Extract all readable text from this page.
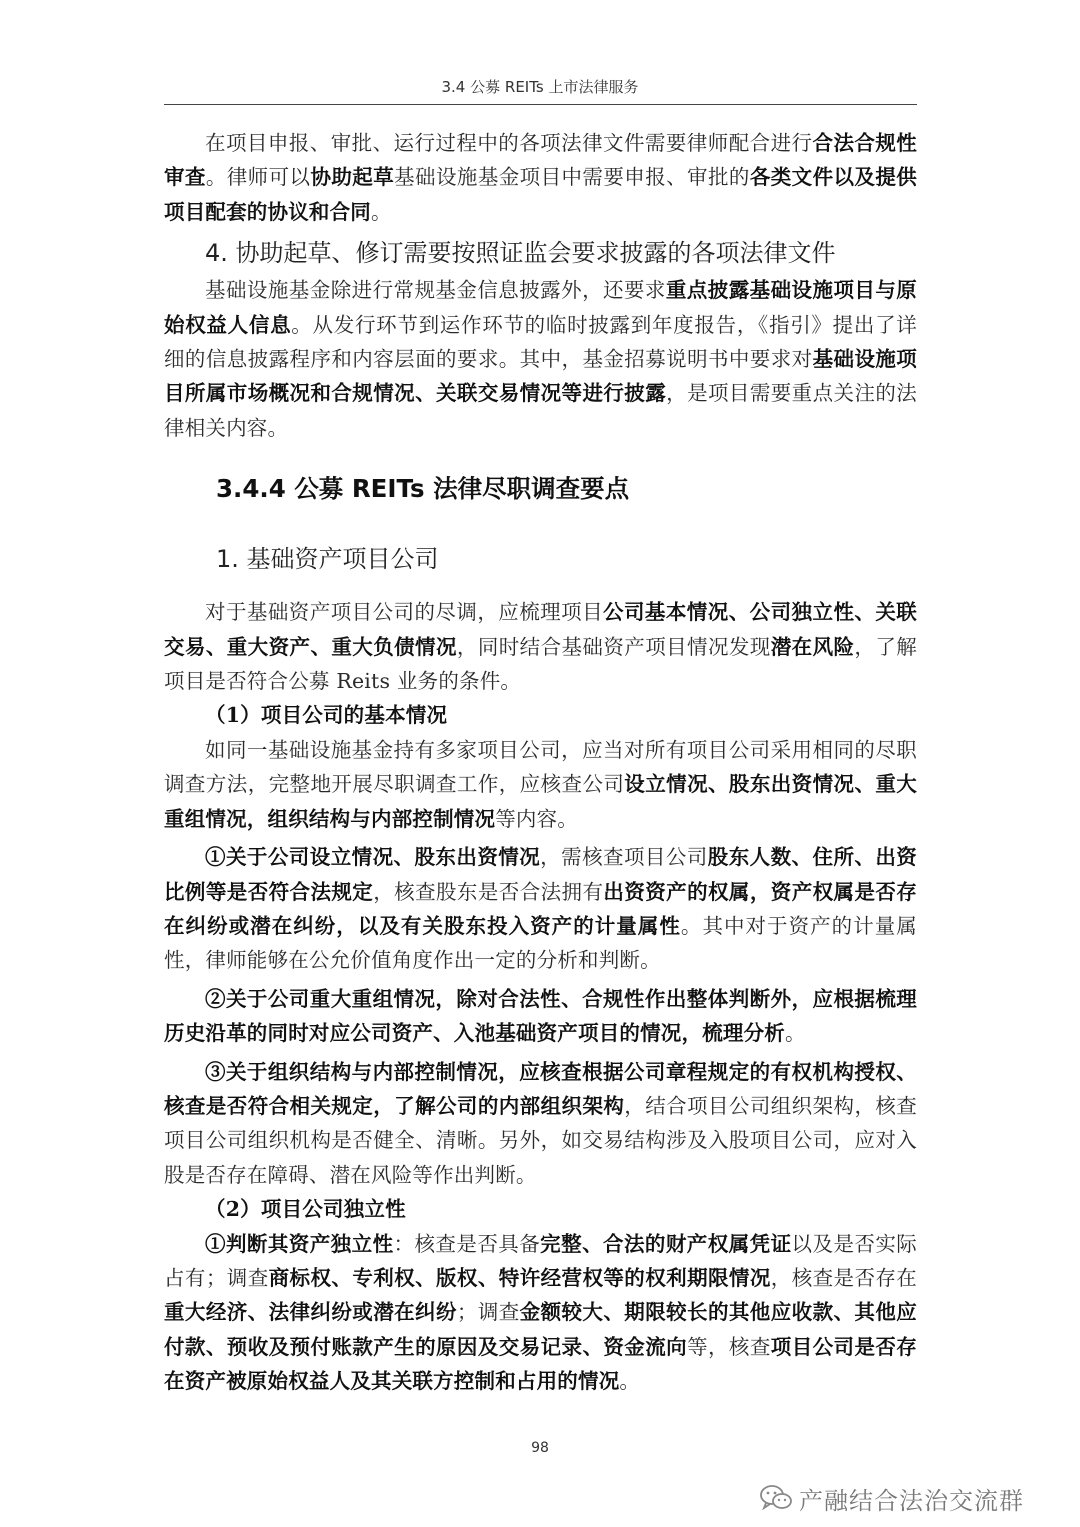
3.4 公募 REITs 上市法律服务

在项目申报、审批、运行过程中的各项法律文件需要律师配合进行合法合规性审查。律师可以协助起草基础设施基金项目中需要申报、审批的各类文件以及提供项目配套的协议和合同。

4. 协助起草、修订需要按照证监会要求披露的各项法律文件

基础设施基金除进行常规基金信息披露外，还要求重点披露基础设施项目与原始权益人信息。从发行环节到运作环节的临时披露到年度报告，《指引》提出了详细的信息披露程序和内容层面的要求。其中，基金招募说明书中要求对基础设施项目所属市场概况和合规情况、关联交易情况等进行披露，是项目需要重点关注的法律相关内容。

3.4.4 公募 REITs 法律尽职调查要点
1. 基础资产项目公司

对于基础资产项目公司的尽调，应梳理项目公司基本情况、公司独立性、关联交易、重大资产、重大负债情况，同时结合基础资产项目情况发现潜在风险，了解项目是否符合公募 Reits 业务的条件。

（1）项目公司的基本情况

如同一基础设施基金持有多家项目公司，应当对所有项目公司采用相同的尽职调查方法，完整地开展尽职调查工作，应核查公司设立情况、股东出资情况、重大重组情况，组织结构与内部控制情况等内容。

①关于公司设立情况、股东出资情况，需核查项目公司股东人数、住所、出资比例等是否符合法规定，核查股东是否合法拥有出资资产的权属，资产权属是否存在纠纷或潜在纠纷，以及有关股东投入资产的计量属性。其中对于资产的计量属性，律师能够在公允价值角度作出一定的分析和判断。

②关于公司重大重组情况，除对合法性、合规性作出整体判断外，应根据梳理历史沿革的同时对应公司资产、入池基础资产项目的情况，梳理分析。

③关于组织结构与内部控制情况，应核查根据公司章程规定的有权机构授权、核查是否符合相关规定，了解公司的内部组织架构，结合项目公司组织架构，核查项目公司组织机构是否健全、清晰。另外，如交易结构涉及入股项目公司，应对入股是否存在障碍、潜在风险等作出判断。

（2）项目公司独立性

①判断其资产独立性：核查是否具备完整、合法的财产权属凭证以及是否实际占有；调查商标权、专利权、版权、特许经营权等的权利期限情况，核查是否存在重大经济、法律纠纷或潜在纠纷；调查金额较大、期限较长的其他应收款、其他应付款、预收及预付账款产生的原因及交易记录、资金流向等，核查项目公司是否存在资产被原始权益人及其关联方控制和占用的情况。

98
产融结合法治交流群
